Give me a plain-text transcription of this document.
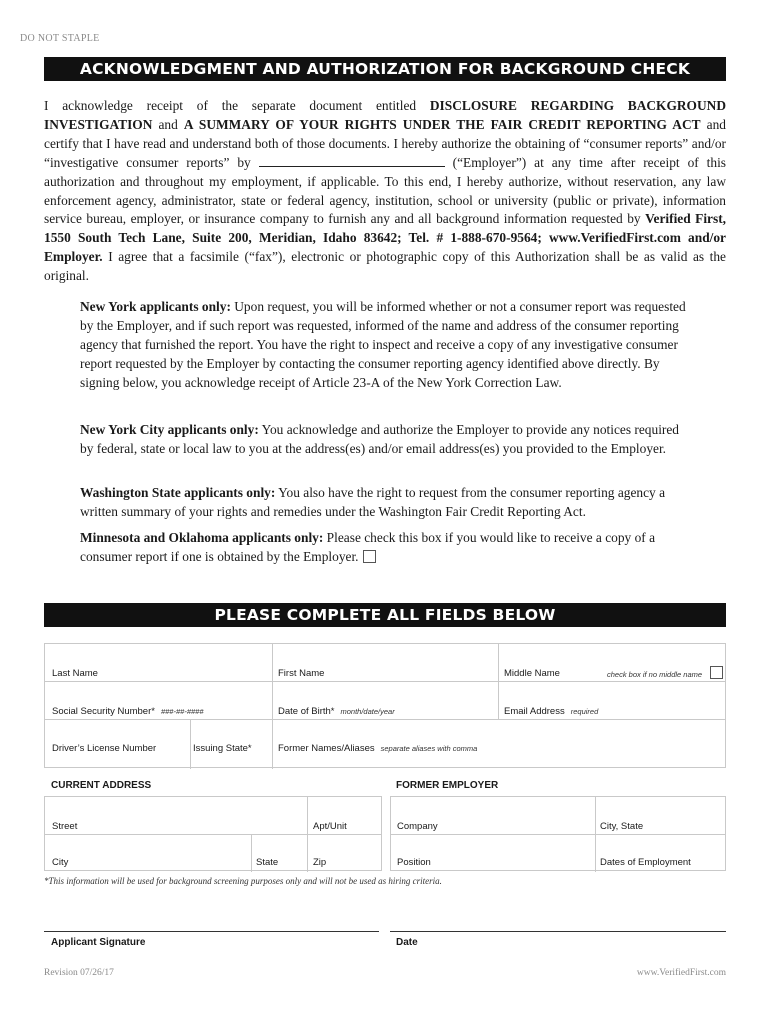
DO NOT STAPLE
ACKNOWLEDGMENT AND AUTHORIZATION FOR BACKGROUND CHECK
I acknowledge receipt of the separate document entitled DISCLOSURE REGARDING BACKGROUND INVESTIGATION and A SUMMARY OF YOUR RIGHTS UNDER THE FAIR CREDIT REPORTING ACT and certify that I have read and understand both of those documents. I hereby authorize the obtaining of “consumer reports” and/or “investigative consumer reports” by	(“Employer”) at any time after receipt of this authorization and throughout my employment, if applicable. To this end, I hereby authorize, without reservation, any law enforcement agency, administrator, state or federal agency, institution, school or university (public or private), information service bureau, employer, or insurance company to furnish any and all background information requested by Verified First, 1550 South Tech Lane, Suite 200, Meridian, Idaho 83642; Tel. # 1-888-670-9564; www.VerifiedFirst.com and/or Employer. I agree that a facsimile (“fax”), electronic or photographic copy of this Authorization shall be as valid as the original.
New York applicants only: Upon request, you will be informed whether or not a consumer report was requested by the Employer, and if such report was requested, informed of the name and address of the consumer reporting agency that furnished the report. You have the right to inspect and receive a copy of any investigative consumer report requested by the Employer by contacting the consumer reporting agency identified above directly. By signing below, you acknowledge receipt of Article 23-A of the New York Correction Law.
New York City applicants only: You acknowledge and authorize the Employer to provide any notices required by federal, state or local law to you at the address(es) and/or email address(es) you provided to the Employer.
Washington State applicants only: You also have the right to request from the consumer reporting agency a written summary of your rights and remedies under the Washington Fair Credit Reporting Act.
Minnesota and Oklahoma applicants only: Please check this box if you would like to receive a copy of a consumer report if one is obtained by the Employer.
PLEASE COMPLETE ALL FIELDS BELOW
Last Name	First Name	Middle Name	check box if no middle name
Social Security Number* ###-##-####	Date of Birth* month/date/year	Email Address required
Driver’s License Number	Issuing State*	Former Names/Aliases separate aliases with comma
CURRENT ADDRESS	FORMER EMPLOYER
Street	Apt/Unit
City	State	Zip
Company	City, State
Position	Dates of Employment
*This information will be used for background screening purposes only and will not be used as hiring criteria.
Applicant Signature	Date
Revision 07/26/17	www.VerifiedFirst.com
